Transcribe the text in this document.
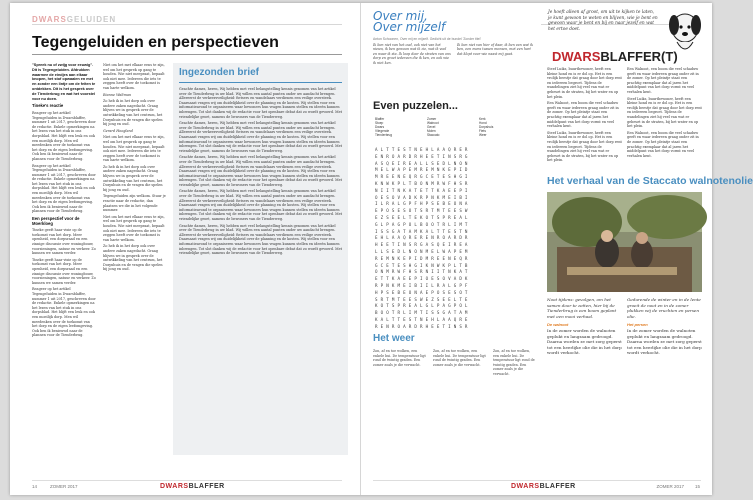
DWARSGELUIDEN
Tegengeluiden en perspectieven
"Spreek nu of zwijg voor eeuwig". Dit is Tegengeluiden. Afdrukken waarmee de eindjes aan elkaar knopen, het stof opwaaien en met en zonder een lintje om de feiten te ontdekken. Dit is het gesprek over de Tienderbrug en wat het voorstel voor nu doen.
Tineke's reactie

Reageer op het artikel Tegengeluiden in Dwarsblaffer, nummer 1 uit 2017, geschreven door de redactie. Enkele opmerkingen na het lezen van het stuk in ons dorpsblad. Het blijft een leuk en ook een moeilijk dorp. Men wil meedenken over de toekomst van het dorp en de eigen leefomgeving. Ook ben ik benieuwd naar de plannen voor de Tienderbrug.

Reageer op het artikel Tegengeluiden in Dwarsblaffer, nummer 1 uit 2017, geschreven door de redactie. Enkele opmerkingen na het lezen van het stuk in ons dorpsblad. Het blijft een leuk en ook een moeilijk dorp. Men wil meedenken over de toekomst van het dorp en de eigen leefomgeving. Ook ben ik benieuwd naar de plannen voor de Tienderbrug.

Een perspectief voor de Moerkloeg

Tineke geeft haar visie op de toekomst van het dorp. Meer openheid, een dorpsraad en een zinnige discussie over woningbouw, voorzieningen, natuur en verkeer. Zo kunnen we samen verder.

Tineke geeft haar visie op de toekomst van het dorp. Meer openheid, een dorpsraad en een zinnige discussie over woningbouw, voorzieningen, natuur en verkeer. Zo kunnen we samen verder.

Reageer op het artikel Tegengeluiden in Dwarsblaffer, nummer 1 uit 2017, geschreven door de redactie. Enkele opmerkingen na het lezen van het stuk in ons dorpsblad. Het blijft een leuk en ook een moeilijk dorp. Men wil meedenken over de toekomst van het dorp en de eigen leefomgeving. Ook ben ik benieuwd naar de plannen voor de Tienderbrug.

Niet om het met elkaar eens te zijn, wel om het gesprek op gang te houden. Wie niet meepraat, bepaalt ook niet mee. Iedereen die iets te zeggen heeft over de toekomst is van harte welkom.

Rianne Waltman

Zo heb ik in het dorp ook over andere zaken nagedacht. Graag blijven we in gesprek over de ontwikkeling van het centrum, het Dorpshuis en de vragen die spelen bij jong en oud.

Gerard Hoogland

Niet om het met elkaar eens te zijn, wel om het gesprek op gang te houden. Wie niet meepraat, bepaalt ook niet mee. Iedereen die iets te zeggen heeft over de toekomst is van harte welkom.

Zo heb ik in het dorp ook over andere zaken nagedacht. Graag blijven we in gesprek over de ontwikkeling van het centrum, het Dorpshuis en de vragen die spelen bij jong en oud.

Tegengeluiden zijn welkom. Stuur je reactie naar de redactie, dan plaatsen we die in het volgende nummer.

Niet om het met elkaar eens te zijn, wel om het gesprek op gang te houden. Wie niet meepraat, bepaalt ook niet mee. Iedereen die iets te zeggen heeft over de toekomst is van harte welkom.

Zo heb ik in het dorp ook over andere zaken nagedacht. Graag blijven we in gesprek over de ontwikkeling van het centrum, het Dorpshuis en de vragen die spelen bij jong en oud.

Ingezonden brief

Geachte dames, heren, Wij hebben met veel belangstelling kennis genomen van het artikel over de Tienderbrug in uw blad. Wij willen een aantal punten onder uw aandacht brengen. Allereerst de verkeersveiligheid: fietsers en wandelaars verdienen een veilige oversteek. Daarnaast vragen wij om duidelijkheid over de planning en de kosten. Wij stellen voor een informatieavond te organiseren waar bewoners hun vragen kunnen stellen en ideeën kunnen inbrengen. Tot slot danken wij de redactie voor het openbare debat dat zo wordt gevoerd. Met vriendelijke groet, namens de bewoners van de Tienderweg.

Geachte dames, heren, Wij hebben met veel belangstelling kennis genomen van het artikel over de Tienderbrug in uw blad. Wij willen een aantal punten onder uw aandacht brengen. Allereerst de verkeersveiligheid: fietsers en wandelaars verdienen een veilige oversteek. Daarnaast vragen wij om duidelijkheid over de planning en de kosten. Wij stellen voor een informatieavond te organiseren waar bewoners hun vragen kunnen stellen en ideeën kunnen inbrengen. Tot slot danken wij de redactie voor het openbare debat dat zo wordt gevoerd. Met vriendelijke groet, namens de bewoners van de Tienderweg.

Geachte dames, heren, Wij hebben met veel belangstelling kennis genomen van het artikel over de Tienderbrug in uw blad. Wij willen een aantal punten onder uw aandacht brengen. Allereerst de verkeersveiligheid: fietsers en wandelaars verdienen een veilige oversteek. Daarnaast vragen wij om duidelijkheid over de planning en de kosten. Wij stellen voor een informatieavond te organiseren waar bewoners hun vragen kunnen stellen en ideeën kunnen inbrengen. Tot slot danken wij de redactie voor het openbare debat dat zo wordt gevoerd. Met vriendelijke groet, namens de bewoners van de Tienderweg.

Geachte dames, heren, Wij hebben met veel belangstelling kennis genomen van het artikel over de Tienderbrug in uw blad. Wij willen een aantal punten onder uw aandacht brengen. Allereerst de verkeersveiligheid: fietsers en wandelaars verdienen een veilige oversteek. Daarnaast vragen wij om duidelijkheid over de planning en de kosten. Wij stellen voor een informatieavond te organiseren waar bewoners hun vragen kunnen stellen en ideeën kunnen inbrengen. Tot slot danken wij de redactie voor het openbare debat dat zo wordt gevoerd. Met vriendelijke groet, namens de bewoners van de Tienderweg.

Geachte dames, heren, Wij hebben met veel belangstelling kennis genomen van het artikel over de Tienderbrug in uw blad. Wij willen een aantal punten onder uw aandacht brengen. Allereerst de verkeersveiligheid: fietsers en wandelaars verdienen een veilige oversteek. Daarnaast vragen wij om duidelijkheid over de planning en de kosten. Wij stellen voor een informatieavond te organiseren waar bewoners hun vragen kunnen stellen en ideeën kunnen inbrengen. Tot slot danken wij de redactie voor het openbare debat dat zo wordt gevoerd. Met vriendelijke groet, namens de bewoners van de Tienderweg.

14	ZOMER 2017	DWARSBLAFFER
Over mij,
Over mijzelf
Anton Schoonen, Over mij en mijzelf. Gedicht uit de bundel 'Zonder titel'
Ik ben niet van het oud, ook niet van het nieuw, ik ben gewoon wat ik zie, wat ik voel en waar ik sta. Ik loop door de straten van ons dorp en groet iedereen die ik ken, en ook wie ik niet ken.
Ik ben niet van hier of daar, ik ben van wat ik ben, een mens tussen mensen, met een hart dat klopt voor wie naast mij gaat.
Even puzzelen...
Blaffer
Stoep
Dwars
Vliegende
Tienderbrug
Zomer
Walnoot
Gevel
Molen
Staccato
Kerk
Hond
Dorpshuis
Fiets
Weer
ALTTESTNEHLAAQRER
ENROARDRHEETINSRG
ASQEIREALLSEDLNON
MELWAPEMREMNKEPID
MREENEQRGCETESHGI
KNWKPLTBONMRWFHSR
NIITNKATETTKAEEPI
OESOVADKRPNKMEIBI
ILRALGPFHPSEBEONA
EPOSESOTSRTMTEESW
EZSEELTEKOTSPREAL
GLPAGPOLBOOTRLIMT
ISSGATAMKALTTESTN
EHLAAQRERENROARDR
HEETINSRGASQEIREA
LLSEDLNONMELWAPEM
REMNKEPIDMREENEQR
GCETESHGIKNWKPLTB
ONMRWFHSRNIITNKAT
ETTKAEEPIOESOVADK
RPNKMEIBIILRALGPF
HPSEBEONAEPOSESOT
SRTMTEESWEZSEELTE
KOTSPREALGLPAGPOL
BOOTRLIMTISSGATAM
KALTTESTNEHLAAQRE
RENROARDRHEETINSR
Het weer
Zon, af en toe wolken, een enkele bui. De temperatuur ligt rond de twintig graden. Een zomer zoals je die verwacht.
Zon, af en toe wolken, een enkele bui. De temperatuur ligt rond de twintig graden. Een zomer zoals je die verwacht.
Zon, af en toe wolken, een enkele bui. De temperatuur ligt rond de twintig graden. Een zomer zoals je die verwacht.
Je hoeft alleen af groot, om uit te kijken te laten, je kunt gewoon te weten en blijven, wie je bent en gewoon waar je bent en bij en naar jezelf en wat het ertoe doet.
DWARSBLAFFER(T)

Steef Luiks, buurtbewoner, heeft een kleine hond en is er dol op. Het is een vrolijk beestje dat graag door het dorp rent en iedereen begroet. Tijdens de wandelingen ziet hij veel van wat er gebeurt in de straten, bij het water en op het plein.

Een Walnoot, een boom die veel schaduw geeft en waar iedereen graag onder zit in de zomer. Op het pleintje staat een prachtig exemplaar dat al jaren het middelpunt van het dorp vormt en veel verhalen kent.

Steef Luiks, buurtbewoner, heeft een kleine hond en is er dol op. Het is een vrolijk beestje dat graag door het dorp rent en iedereen begroet. Tijdens de wandelingen ziet hij veel van wat er gebeurt in de straten, bij het water en op het plein.

Een Walnoot, een boom die veel schaduw geeft en waar iedereen graag onder zit in de zomer. Op het pleintje staat een prachtig exemplaar dat al jaren het middelpunt van het dorp vormt en veel verhalen kent.

Steef Luiks, buurtbewoner, heeft een kleine hond en is er dol op. Het is een vrolijk beestje dat graag door het dorp rent en iedereen begroet. Tijdens de wandelingen ziet hij veel van wat er gebeurt in de straten, bij het water en op het plein.

Een Walnoot, een boom die veel schaduw geeft en waar iedereen graag onder zit in de zomer. Op het pleintje staat een prachtig exemplaar dat al jaren het middelpunt van het dorp vormt en veel verhalen kent.

Het verhaal van de Staccato walnotenolie
Noot tijdens: gevolgen, om het samen door te zetten, hier bij de Tienderbrug is een boom geplant met een mooi verhaal.
De walnoot
In de zomer worden de walnoten geplukt en langzaam gedroogd. Daarna worden ze met zorg geperst tot een heerlijke olie die in het dorp wordt verkocht.
Gedurende de winter en in de lente groeit de noot en in de zomer plukken wij de vruchten en persen olie.
Het persen
In de zomer worden de walnoten geplukt en langzaam gedroogd. Daarna worden ze met zorg geperst tot een heerlijke olie die in het dorp wordt verkocht.
DWARSBLAFFER	ZOMER 2017 15
